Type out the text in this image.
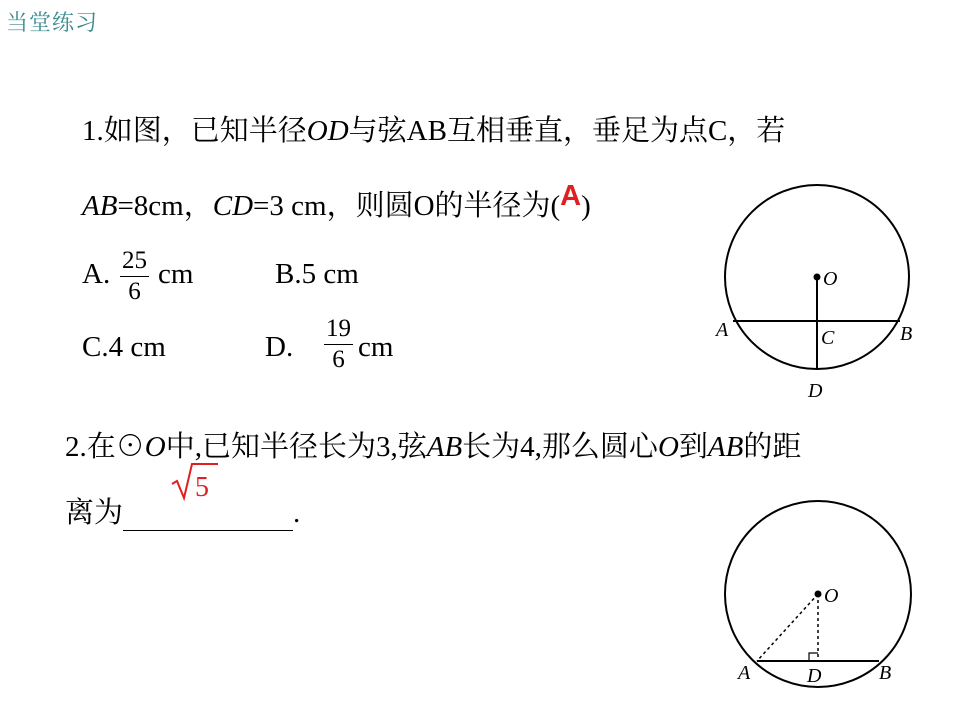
当堂练习
1.如图，已知半径OD与弦AB互相垂直，垂足为点C，若
AB=8cm，CD=3 cm，则圆O的半径为(A)
A. 25
6
cm	B.5 cm
C.4 cm	D.
19
6 cm
O
A	B
C
D
2.在⊙O中,已知半径长为3,弦AB长为4,那么圆心O到AB的距
离为	.
5
O
A	B
D
